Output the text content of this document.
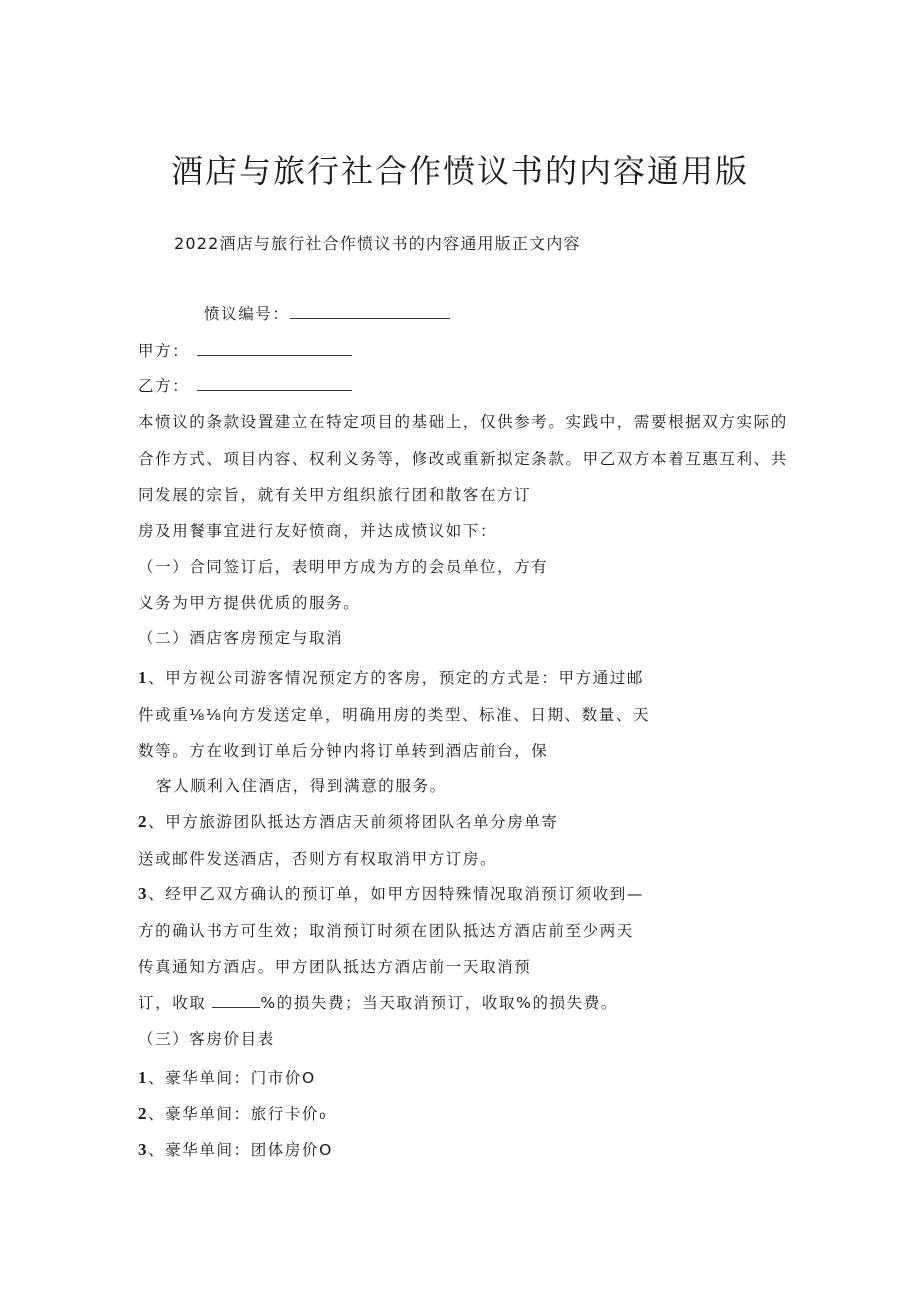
酒店与旅行社合作愤议书的内容通用版
2022酒店与旅行社合作愤议书的内容通用版正文内容
愤议编号：
甲方：
乙方：
本愤议的条款设置建立在特定项目的基础上，仅供参考。实践中，需要根据双方实际的
合作方式、项目内容、权利义务等，修改或重新拟定条款。甲乙双方本着互惠互利、共
同发展的宗旨，就有关甲方组织旅行团和散客在方订
房及用餐事宜进行友好愤商，并达成愤议如下：
（一）合同签订后，表明甲方成为方的会员单位，方有
义务为甲方提供优质的服务。
（二）酒店客房预定与取消
1、甲方视公司游客情况预定方的客房，预定的方式是：甲方通过邮
件或重⅛⅛向方发送定单，明确用房的类型、标准、日期、数量、天
数等。方在收到订单后分钟内将订单转到酒店前台，保
客人顺利入住酒店，得到满意的服务。
2、甲方旅游团队抵达方酒店天前须将团队名单分房单寄
送或邮件发送酒店，否则方有权取消甲方订房。
3、经甲乙双方确认的预订单，如甲方因特殊情况取消预订须收到—
方的确认书方可生效；取消预订时须在团队抵达方酒店前至少两天
传真通知方酒店。甲方团队抵达方酒店前一天取消预
订，收取	%的损失费；当天取消预订，收取%的损失费。
（三）客房价目表
1、豪华单间：门市价O
2、豪华单间：旅行卡价₀
3、豪华单间：团体房价O
